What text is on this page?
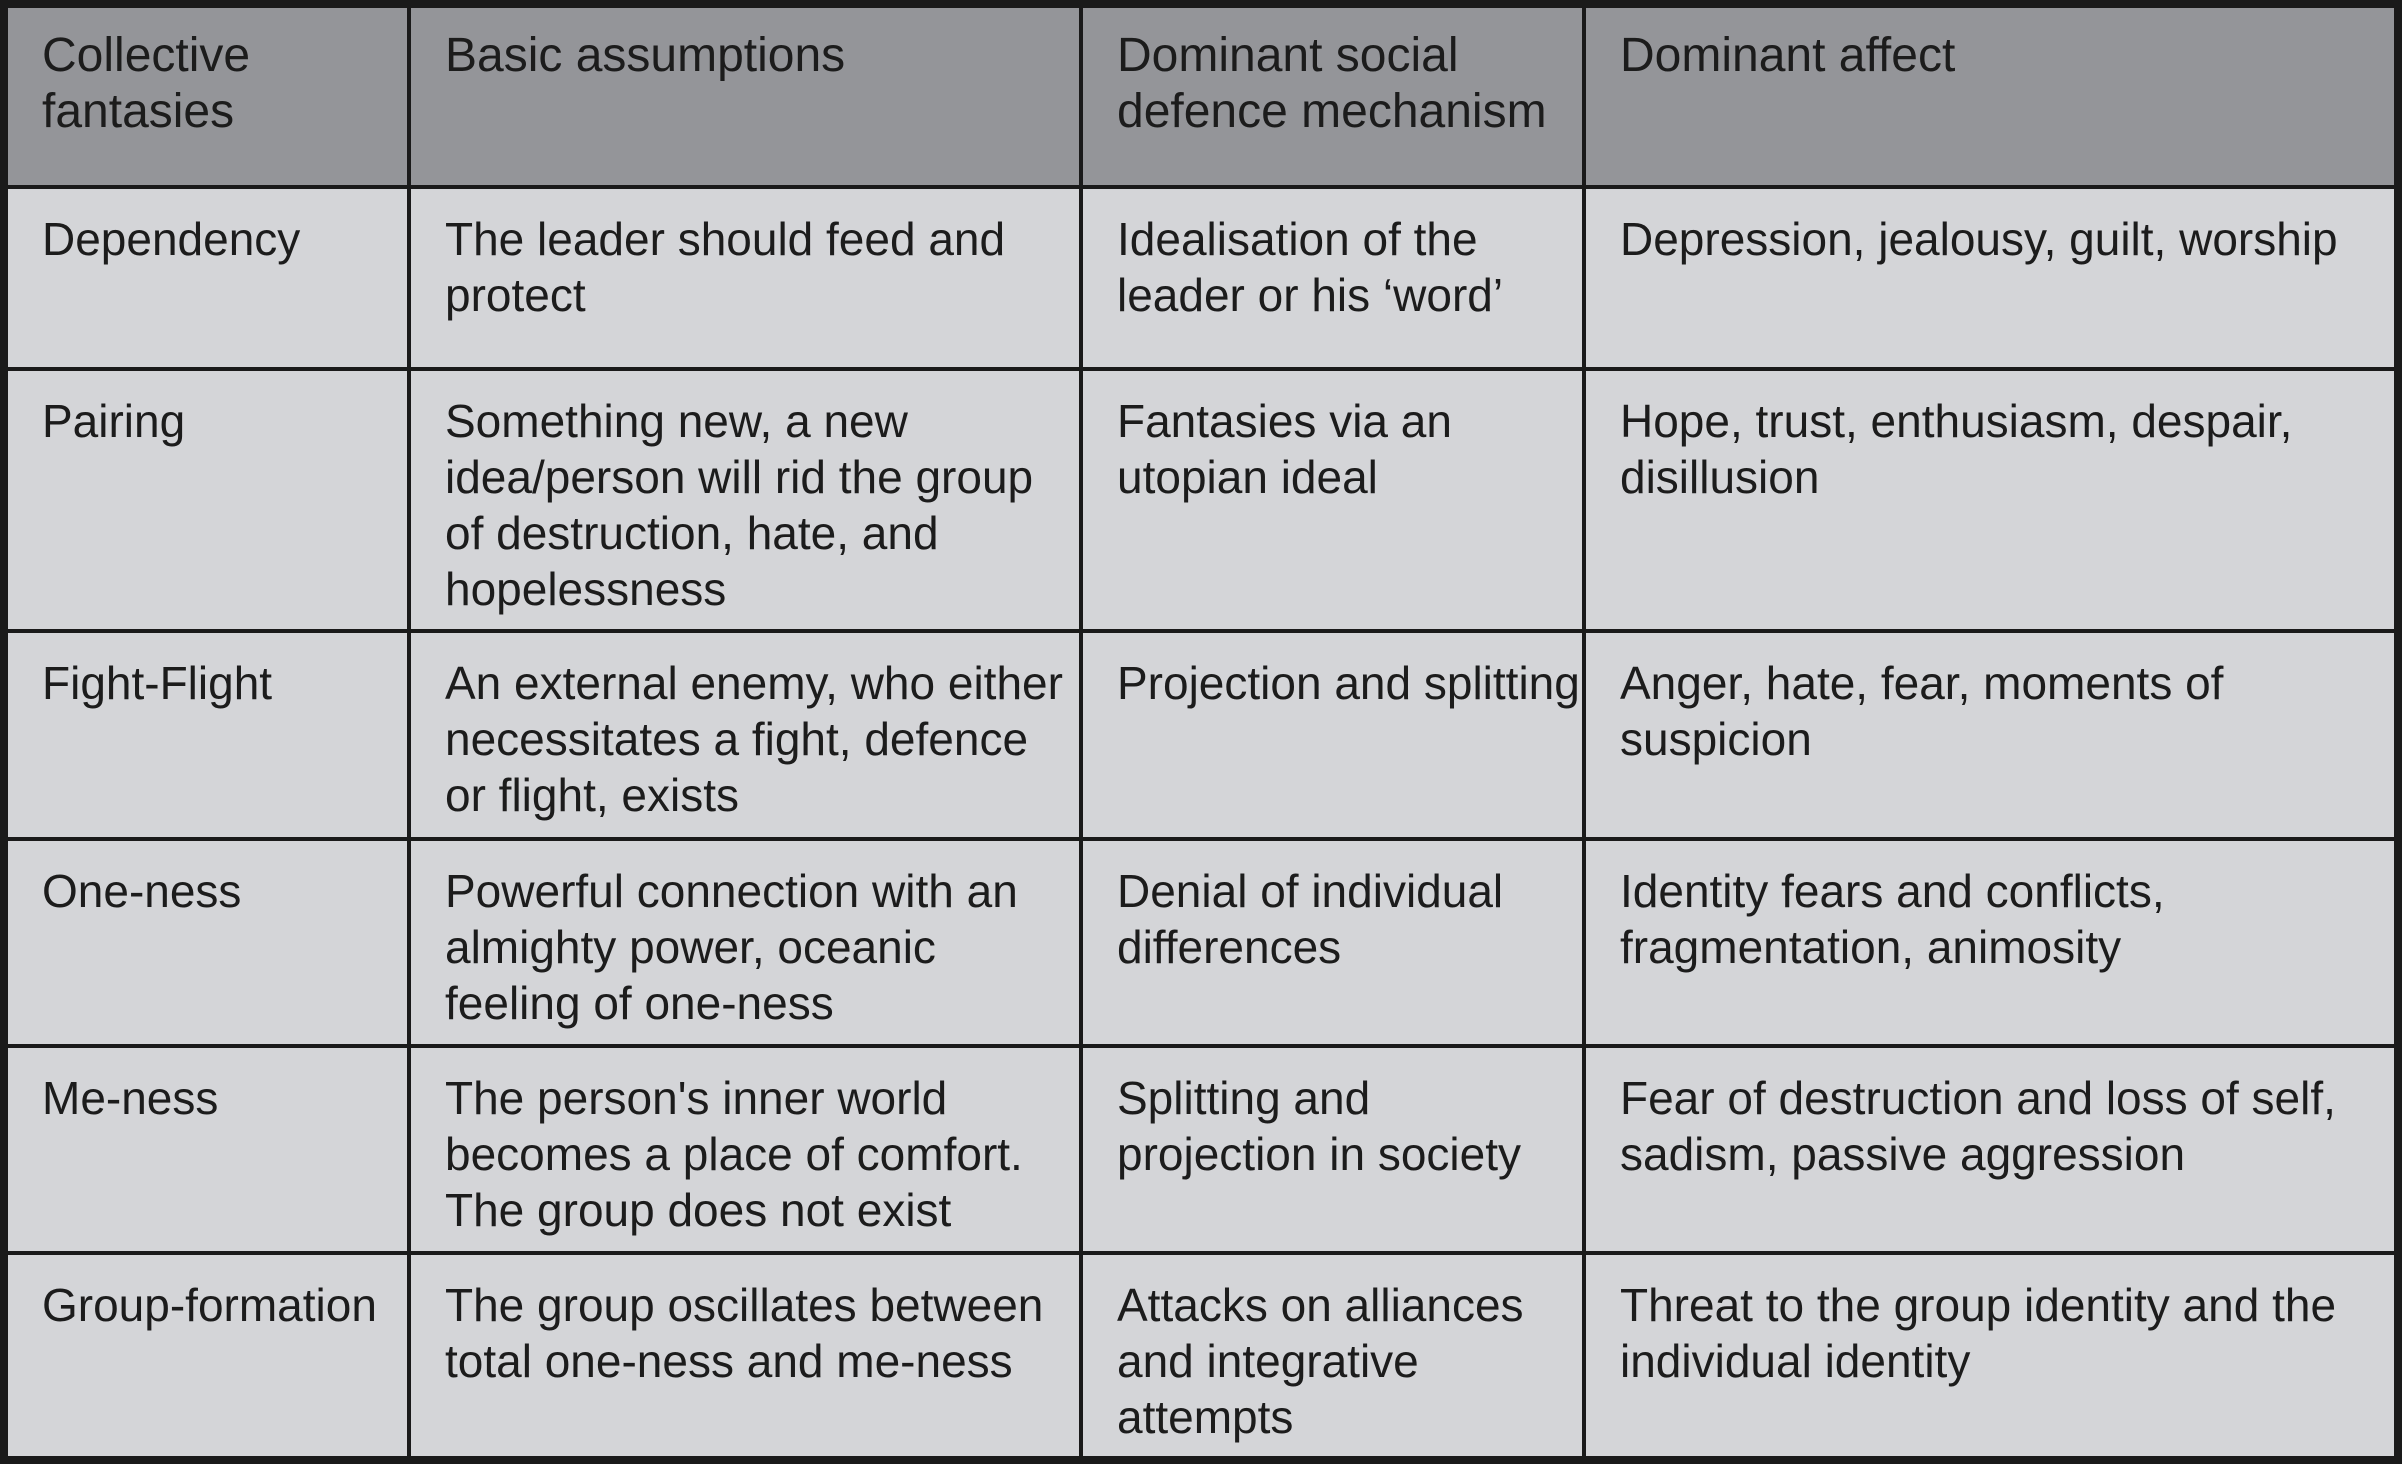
Collective fantasies	Basic assumptions	Dominant social defence mechanism	Dominant affect

Dependency	The leader should feed and protect	Idealisation of the leader or his ‘word’	Depression, jealousy, guilt, worship

Pairing	Something new, a new idea/person will rid the group of destruction, hate, and hopelessness	Fantasies via an utopian ideal	Hope, trust, enthusiasm, despair, disillusion

Fight-Flight	An external enemy, who either necessitates a fight, defence or flight, exists	Projection and splitting	Anger, hate, fear, moments of suspicion

One-ness	Powerful connection with an almighty power, oceanic feeling of one-ness	Denial of individual differences	Identity fears and conflicts, fragmentation, animosity

Me-ness	The person's inner world becomes a place of comfort. The group does not exist	Splitting and projection in society	Fear of destruction and loss of self, sadism, passive aggression

Group-formation	The group oscillates between total one-ness and me-ness	Attacks on alliances and integrative attempts	Threat to the group identity and the individual identity
